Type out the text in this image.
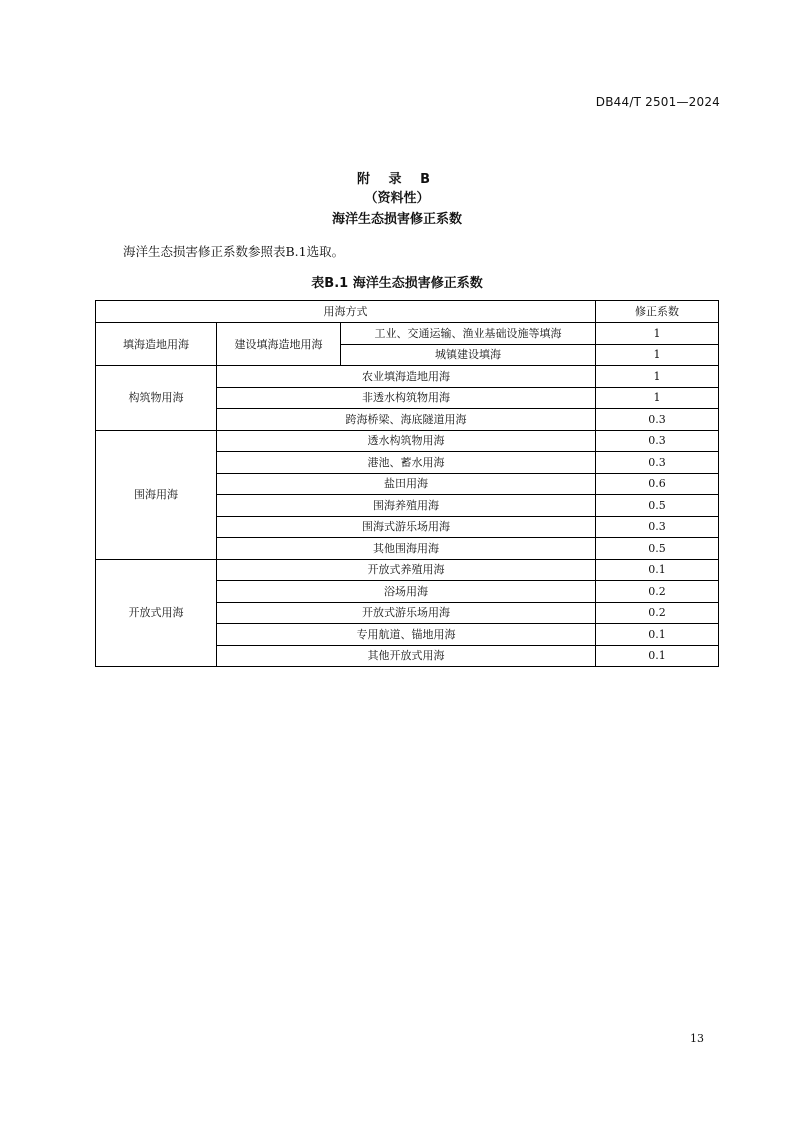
DB44/T 2501—2024
附 录 B
（资料性）
海洋生态损害修正系数
海洋生态损害修正系数参照表B.1选取。
表B.1 海洋生态损害修正系数
用海方式			修正系数
填海造地用海	建设填海造地用海	工业、交通运输、渔业基础设施等填海	1
		城镇建设填海	1
构筑物用海	农业填海造地用海		1
	非透水构筑物用海		1
	跨海桥梁、海底隧道用海		0.3
围海用海	透水构筑物用海		0.3
	港池、蓄水用海		0.3
	盐田用海		0.6
	围海养殖用海		0.5
	围海式游乐场用海		0.3
	其他围海用海		0.5
开放式用海	开放式养殖用海		0.1
	浴场用海		0.2
	开放式游乐场用海		0.2
	专用航道、锚地用海		0.1
	其他开放式用海		0.1
13
